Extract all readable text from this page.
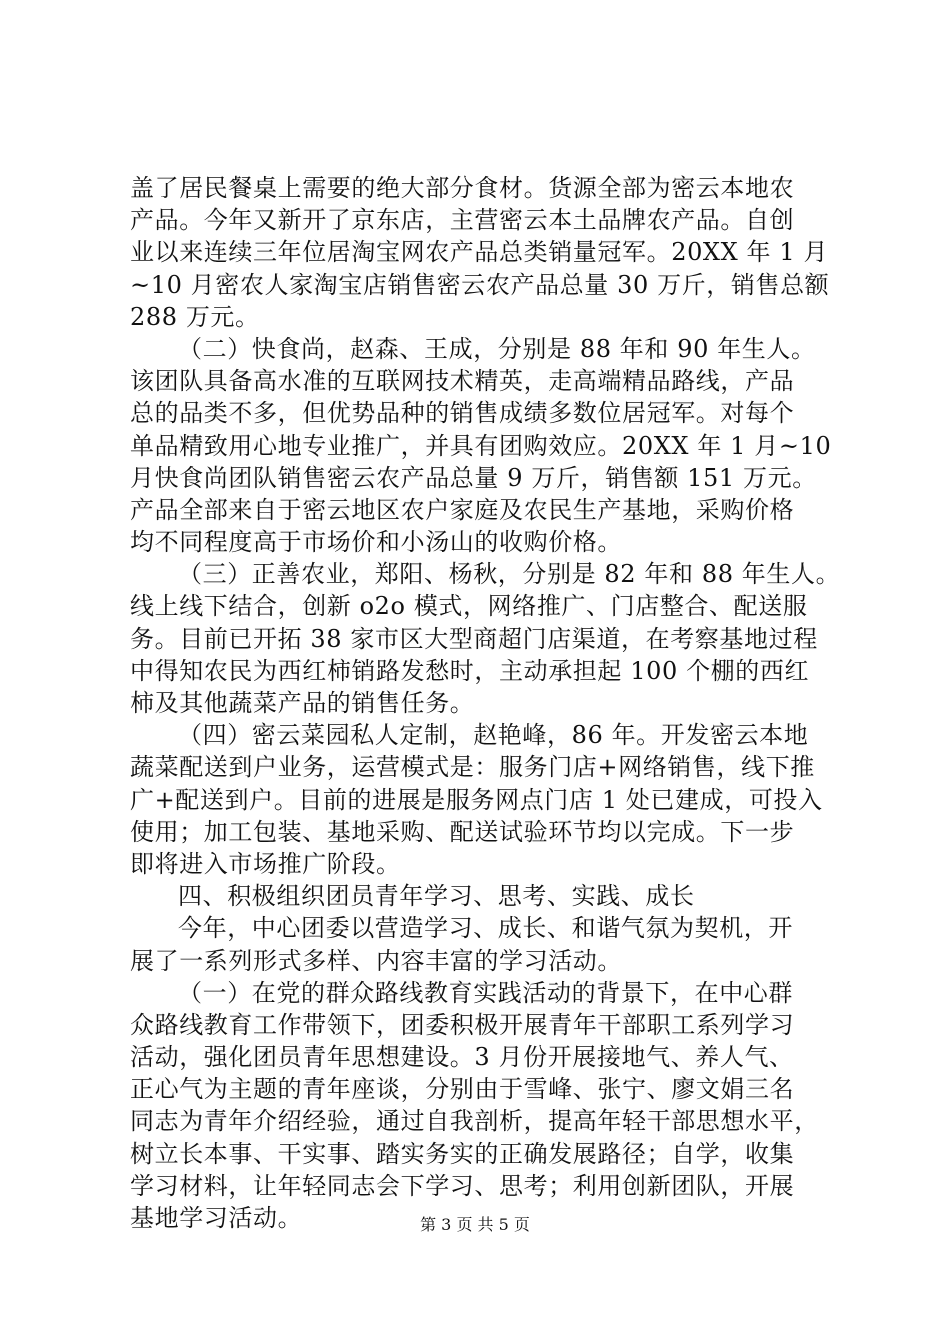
盖了居民餐桌上需要的绝大部分食材。货源全部为密云本地农
产品。今年又新开了京东店，主营密云本土品牌农产品。自创
业以来连续三年位居淘宝网农产品总类销量冠军。20XX 年 1 月
~10 月密农人家淘宝店销售密云农产品总量 30 万斤，销售总额
288 万元。
（二）快食尚，赵森、王成，分别是 88 年和 90 年生人。
该团队具备高水准的互联网技术精英，走高端精品路线，产品
总的品类不多，但优势品种的销售成绩多数位居冠军。对每个
单品精致用心地专业推广，并具有团购效应。20XX 年 1 月~10
月快食尚团队销售密云农产品总量 9 万斤，销售额 151 万元。
产品全部来自于密云地区农户家庭及农民生产基地，采购价格
均不同程度高于市场价和小汤山的收购价格。
（三）正善农业，郑阳、杨秋，分别是 82 年和 88 年生人。
线上线下结合，创新 o2o 模式，网络推广、门店整合、配送服
务。目前已开拓 38 家市区大型商超门店渠道，在考察基地过程
中得知农民为西红柿销路发愁时，主动承担起 100 个棚的西红
柿及其他蔬菜产品的销售任务。
（四）密云菜园私人定制，赵艳峰，86 年。开发密云本地
蔬菜配送到户业务，运营模式是：服务门店+网络销售，线下推
广+配送到户。目前的进展是服务网点门店 1 处已建成，可投入
使用；加工包装、基地采购、配送试验环节均以完成。下一步
即将进入市场推广阶段。
四、积极组织团员青年学习、思考、实践、成长
今年，中心团委以营造学习、成长、和谐气氛为契机，开
展了一系列形式多样、内容丰富的学习活动。
（一）在党的群众路线教育实践活动的背景下，在中心群
众路线教育工作带领下，团委积极开展青年干部职工系列学习
活动，强化团员青年思想建设。3 月份开展接地气、养人气、
正心气为主题的青年座谈，分别由于雪峰、张宁、廖文娟三名
同志为青年介绍经验，通过自我剖析，提高年轻干部思想水平，
树立长本事、干实事、踏实务实的正确发展路径；自学，收集
学习材料，让年轻同志会下学习、思考；利用创新团队，开展
基地学习活动。	第 3 页 共 5 页
